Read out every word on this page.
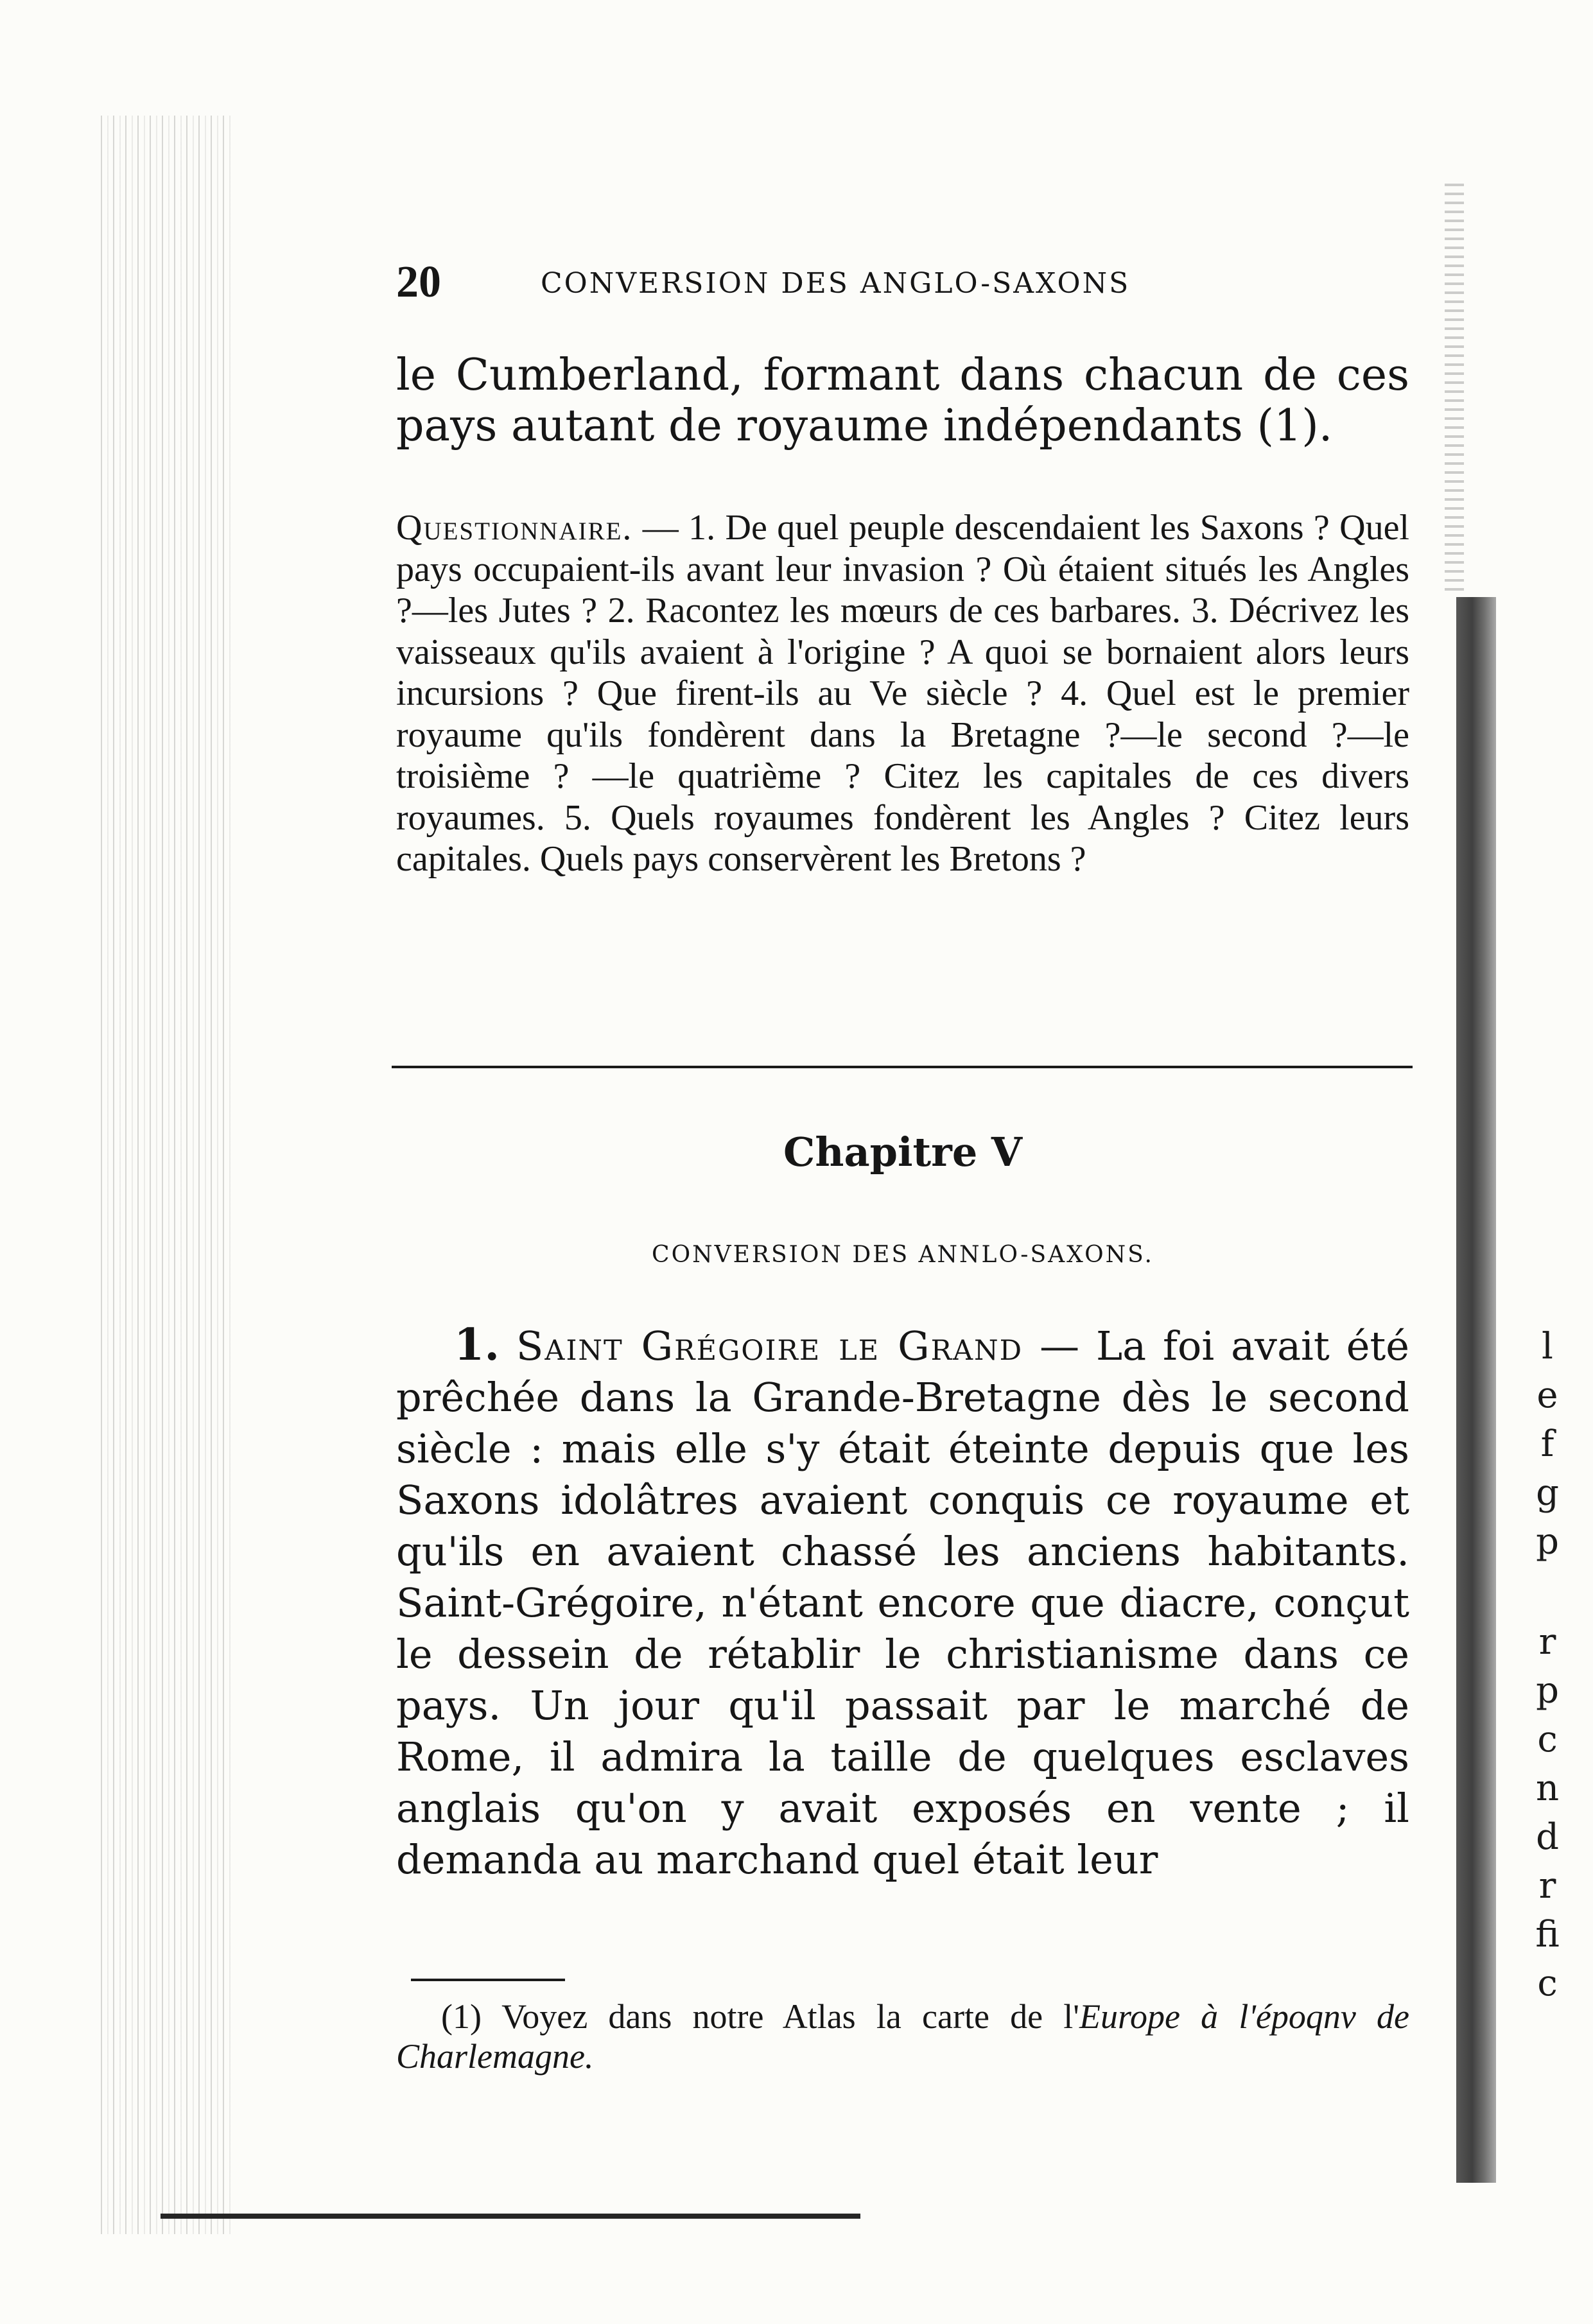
l
e
f
g
p
r
p
c
n
d
r
fi
c
20	CONVERSION DES ANGLO-SAXONS

le Cumberland, formant dans chacun de ces pays autant de royaume indépendants (1).

Questionnaire. — 1. De quel peuple descendaient les Saxons ? Quel pays occupaient-ils avant leur invasion ? Où étaient situés les Angles ?—les Jutes ? 2. Racontez les mœurs de ces barbares. 3. Décrivez les vaisseaux qu'ils avaient à l'origine ? A quoi se bornaient alors leurs incursions ? Que firent-ils au Ve siècle ? 4. Quel est le premier royaume qu'ils fondèrent dans la Bretagne ?—le second ?—le troisième ? —le quatrième ? Citez les capitales de ces divers royaumes. 5. Quels royaumes fondèrent les Angles ? Citez leurs capitales. Quels pays conservèrent les Bretons ?

Chapitre V
CONVERSION DES ANNLO-SAXONS.

1. Saint Grégoire le Grand — La foi avait été prêchée dans la Grande-Bretagne dès le second siècle : mais elle s'y était éteinte depuis que les Saxons idolâtres avaient conquis ce royaume et qu'ils en avaient chassé les anciens habitants. Saint-Grégoire, n'étant encore que diacre, conçut le dessein de rétablir le christianisme dans ce pays. Un jour qu'il passait par le marché de Rome, il admira la taille de quelques esclaves anglais qu'on y avait exposés en vente ; il demanda au marchand quel était leur

(1) Voyez dans notre Atlas la carte de l'Europe à l'époqnv de Charlemagne.
